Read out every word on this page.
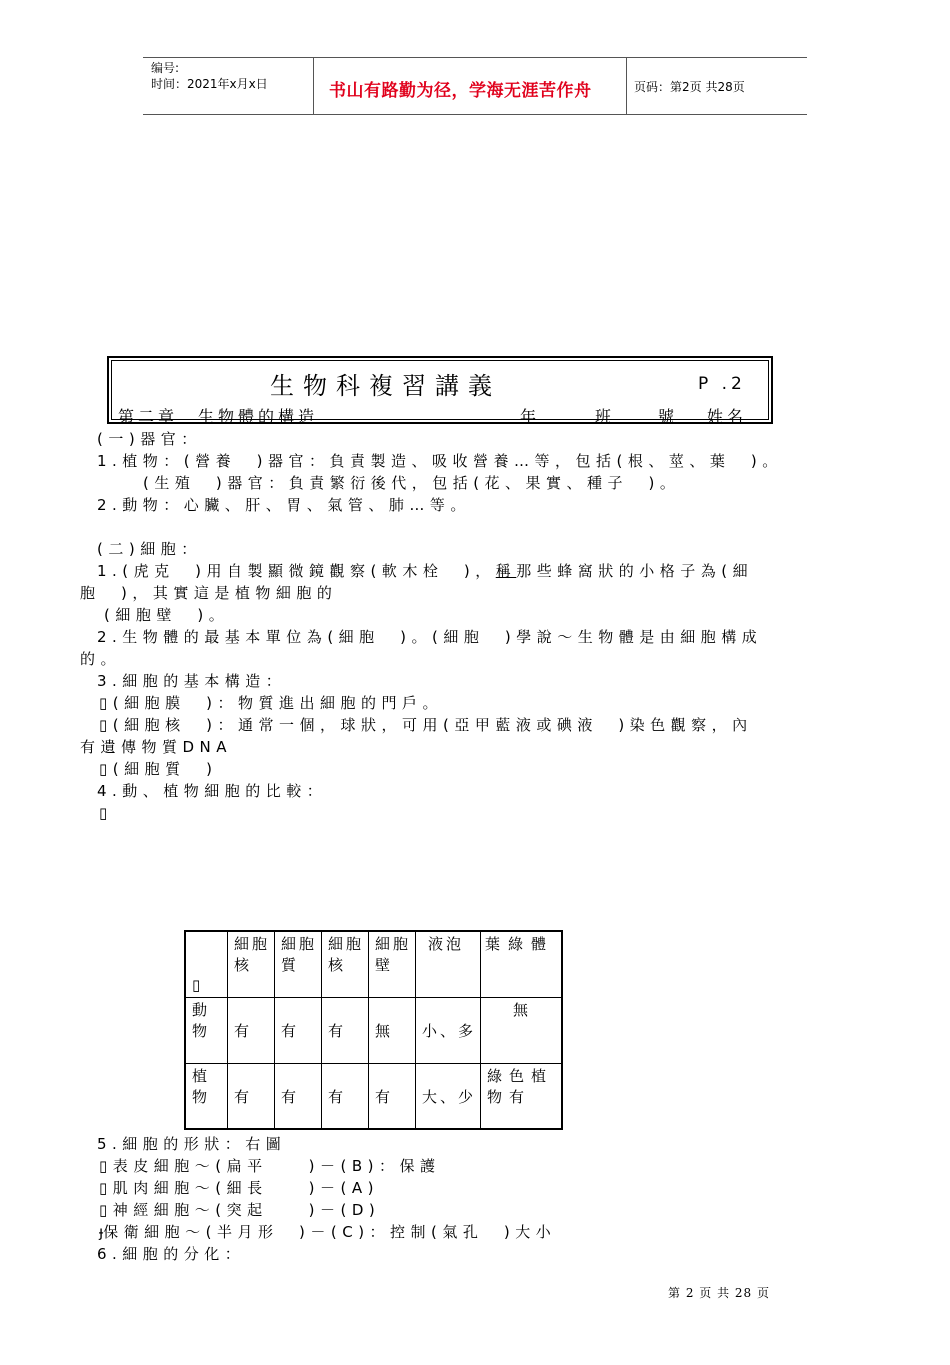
编号:
时间：2021年x月x日	书山有路勤为径，学海无涯苦作舟	页码：第2页 共28页
生物科複習講義	P .2
第二章　生物體的構造	年	班	號 姓名
(一)器官：
1.植物：(營養　)器官：負責製造、吸收營養…等，包括(根、莖、葉　)。
(生殖　)器官：負責繁衍後代，包括(花、果實、種子　)。
2.動物：心臟、肝、胃、氣管、肺…等。
(二)細胞：
1.(虎克　)用自製顯微鏡觀察(軟木栓　)，稱那些蜂窩狀的小格子為(細
胞　)，其實這是植物細胞的
(細胞壁　)。
2.生物體的最基本單位為(細胞　)。(細胞　)學說～生物體是由細胞構成
的。
3.細胞的基本構造：
▯(細胞膜　)：物質進出細胞的門戶。
▯(細胞核　)：通常一個，球狀，可用(亞甲藍液或碘液　)染色觀察，內
有遺傳物質DNA
▯(細胞質　)
4.動、植物細胞的比較：
▯
▯	細胞核	細胞質	細胞核	細胞壁	液泡	葉綠體
動物	有	有	有	無	小、多	無
植物	有	有	有	有	大、少	綠色植物有
5.細胞的形狀：右圖
▯表皮細胞～(扁平　　)－(B)：保護
▯肌肉細胞～(細長　　)－(A)
▯神經細胞～(突起　　)－(D)
ɟ保衛細胞～(半月形　)－(C)：控制(氣孔　)大小
6.細胞的分化：
第 2 页 共 28 页
